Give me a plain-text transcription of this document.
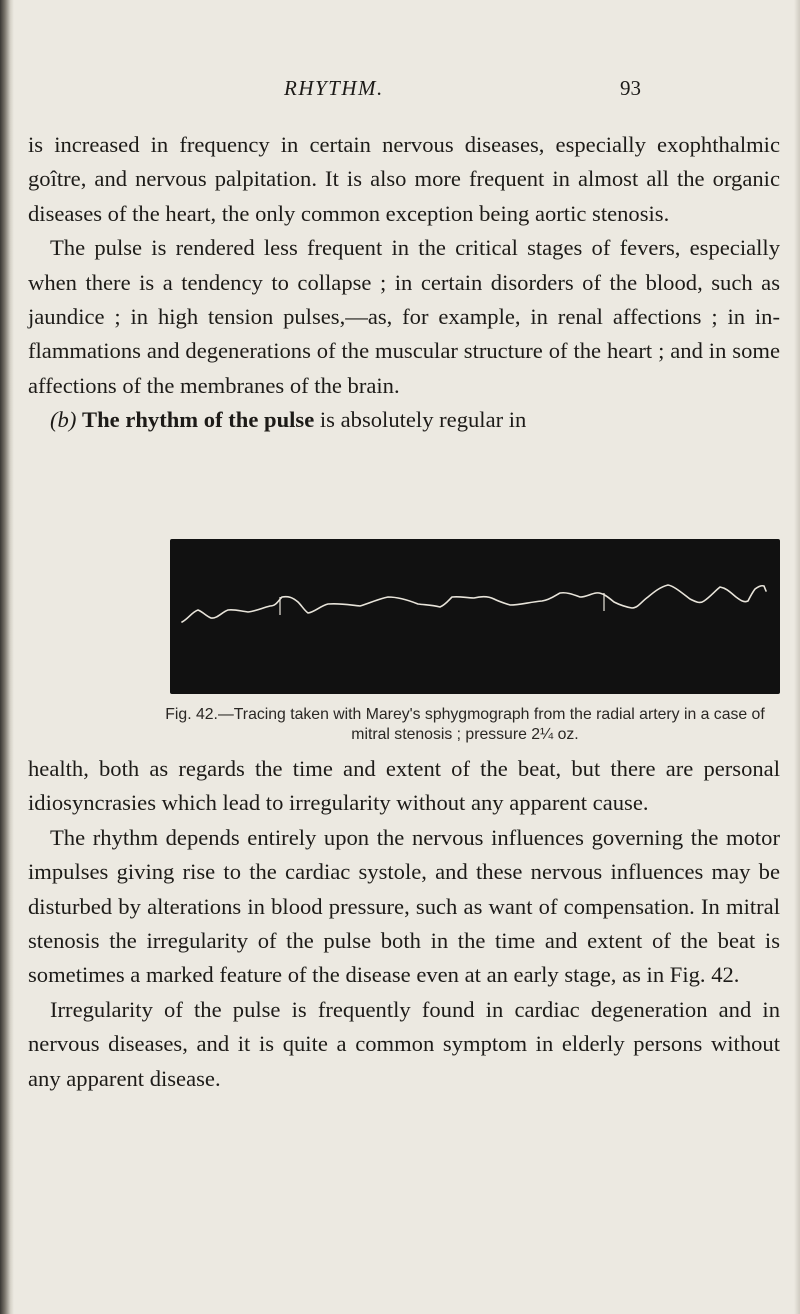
RHYTHM.	93

is increased in frequency in certain nervous diseases, especially exophthalmic goître, and nervous palpitation. It is also more frequent in almost all the organic diseases of the heart, the only common exception being aortic stenosis.

The pulse is rendered less frequent in the critical stages of fevers, especially when there is a tendency to collapse ; in certain disorders of the blood, such as jaundice ; in high tension pulses,—as, for example, in renal affections ; in in-flammations and degenerations of the muscular structure of the heart ; and in some affections of the membranes of the brain.

(b) The rhythm of the pulse is absolutely regular in

Fig. 42.—Tracing taken with Marey's sphygmograph from the radial artery in a case of mitral stenosis ; pressure 2¼ oz.

health, both as regards the time and extent of the beat, but there are personal idiosyncrasies which lead to irregularity without any apparent cause.

The rhythm depends entirely upon the nervous influences governing the motor impulses giving rise to the cardiac systole, and these nervous influences may be disturbed by alterations in blood pressure, such as want of compensation. In mitral stenosis the irregularity of the pulse both in the time and extent of the beat is sometimes a marked feature of the disease even at an early stage, as in Fig. 42.

Irregularity of the pulse is frequently found in cardiac degeneration and in nervous diseases, and it is quite a common symptom in elderly persons without any apparent disease.
